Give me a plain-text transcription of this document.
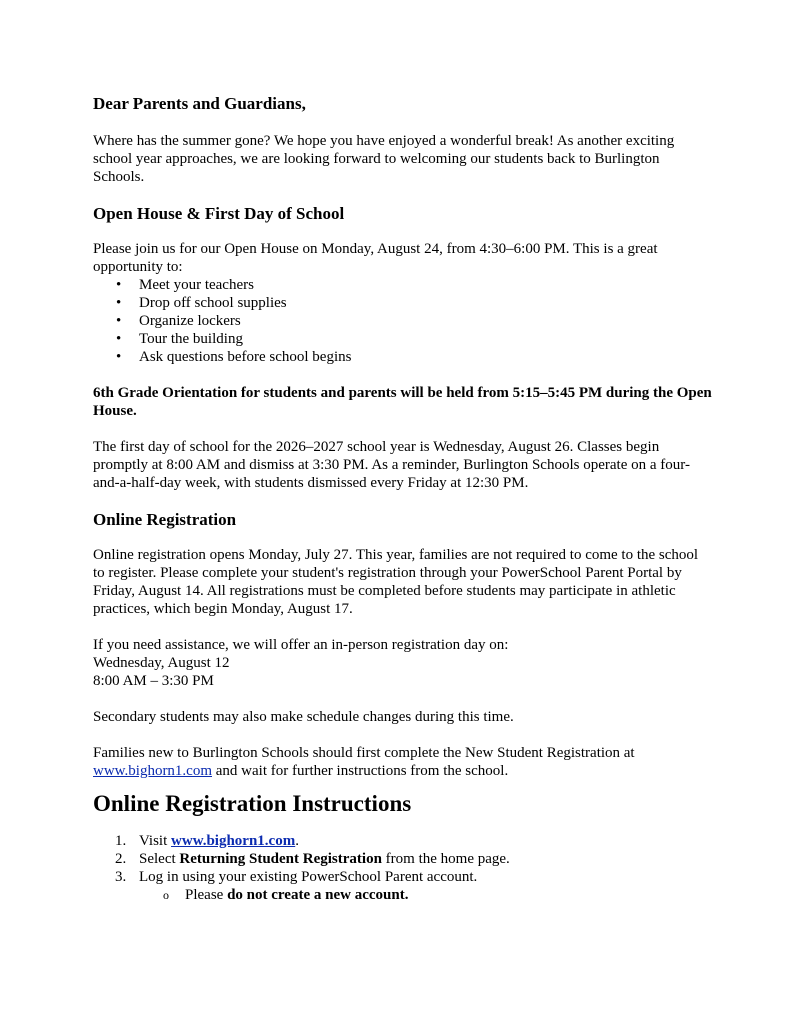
Dear Parents and Guardians,

Where has the summer gone? We hope you have enjoyed a wonderful break! As another exciting school year approaches, we are looking forward to welcoming our students back to Burlington Schools.

Open House & First Day of School

Please join us for our Open House on Monday, August 24, from 4:30–6:00 PM. This is a great opportunity to:

• Meet your teachers
• Drop off school supplies
• Organize lockers
• Tour the building
• Ask questions before school begins

6th Grade Orientation for students and parents will be held from 5:15–5:45 PM during the Open House.

The first day of school for the 2026–2027 school year is Wednesday, August 26. Classes begin promptly at 8:00 AM and dismiss at 3:30 PM. As a reminder, Burlington Schools operate on a four-and-a-half-day week, with students dismissed every Friday at 12:30 PM.

Online Registration

Online registration opens Monday, July 27. This year, families are not required to come to the school to register. Please complete your student's registration through your PowerSchool Parent Portal by Friday, August 14. All registrations must be completed before students may participate in athletic practices, which begin Monday, August 17.

If you need assistance, we will offer an in-person registration day on:

Wednesday, August 12

8:00 AM – 3:30 PM

Secondary students may also make schedule changes during this time.

Families new to Burlington Schools should first complete the New Student Registration at www.bighorn1.com and wait for further instructions from the school.

Online Registration Instructions
1. Visit www.bighorn1.com.
2. Select Returning Student Registration from the home page.
3. Log in using your existing PowerSchool Parent account.
o Please do not create a new account.
